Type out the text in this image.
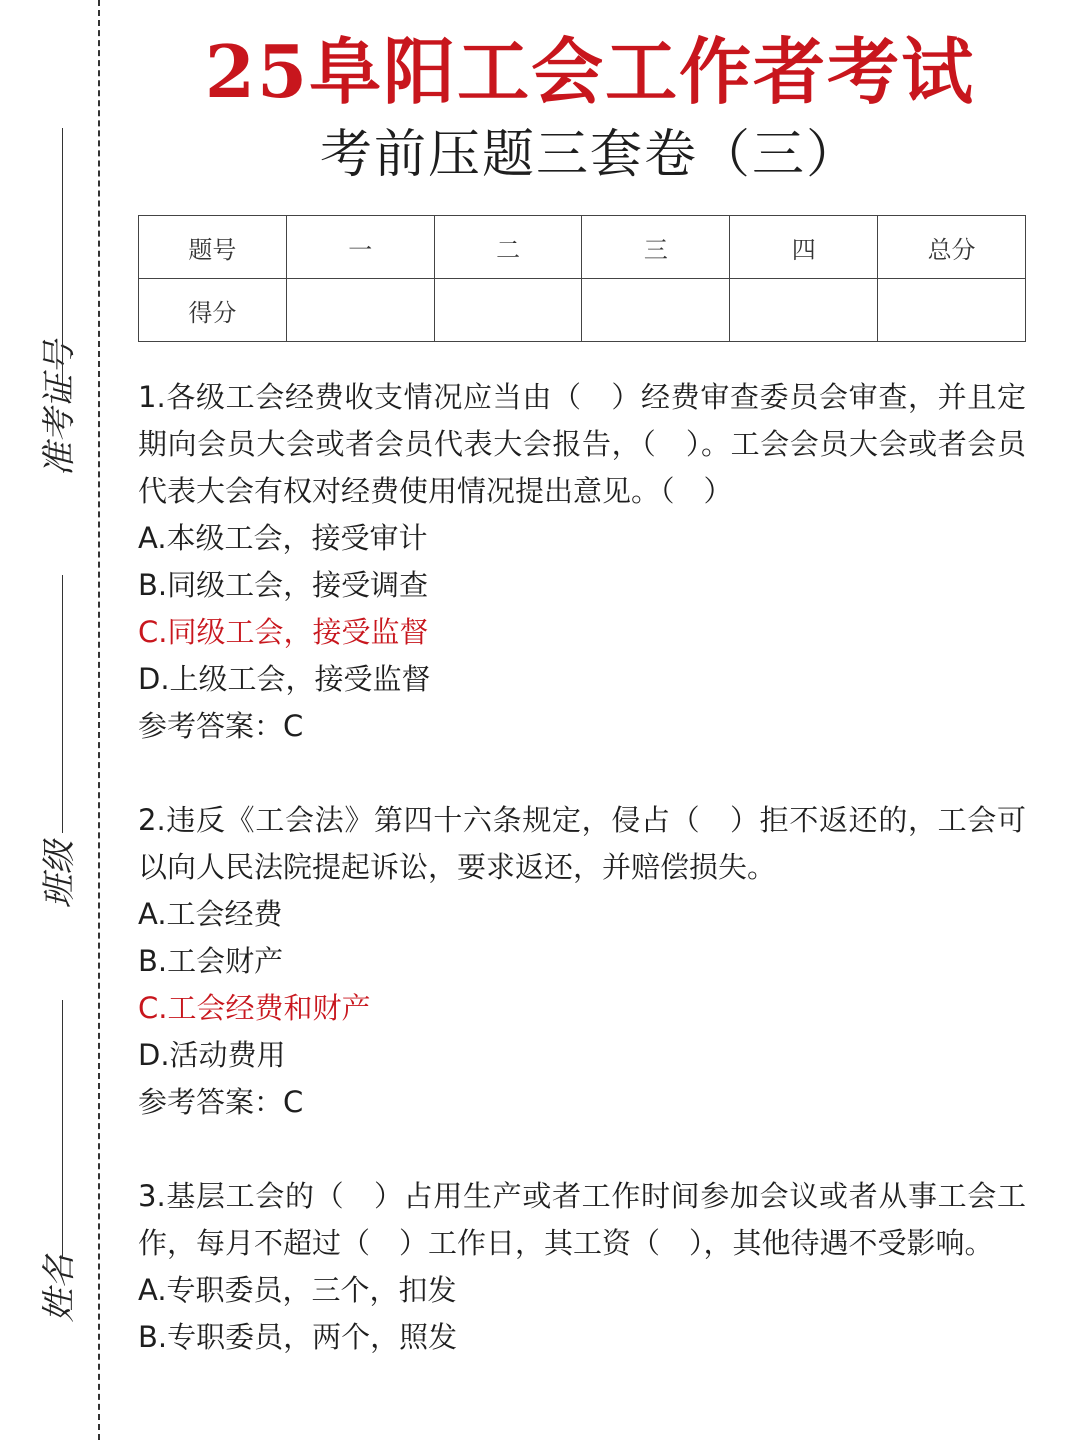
准考证号
班级
姓名
25阜阳工会工作者考试
考前压题三套卷（三）
题号	一	二	三	四	总分
得分					
1.各级工会经费收支情况应当由（　）经费审查委员会审查，并且定期向会员大会或者会员代表大会报告，（　）。工会会员大会或者会员代表大会有权对经费使用情况提出意见。（　）
A.本级工会，接受审计
B.同级工会，接受调查
C.同级工会，接受监督
D.上级工会，接受监督
参考答案：C
2.违反《工会法》第四十六条规定，侵占（　）拒不返还的，工会可以向人民法院提起诉讼，要求返还，并赔偿损失。
A.工会经费
B.工会财产
C.工会经费和财产
D.活动费用
参考答案：C
3.基层工会的（　）占用生产或者工作时间参加会议或者从事工会工作，每月不超过（　）工作日，其工资（　），其他待遇不受影响。
A.专职委员，三个，扣发
B.专职委员，两个，照发
